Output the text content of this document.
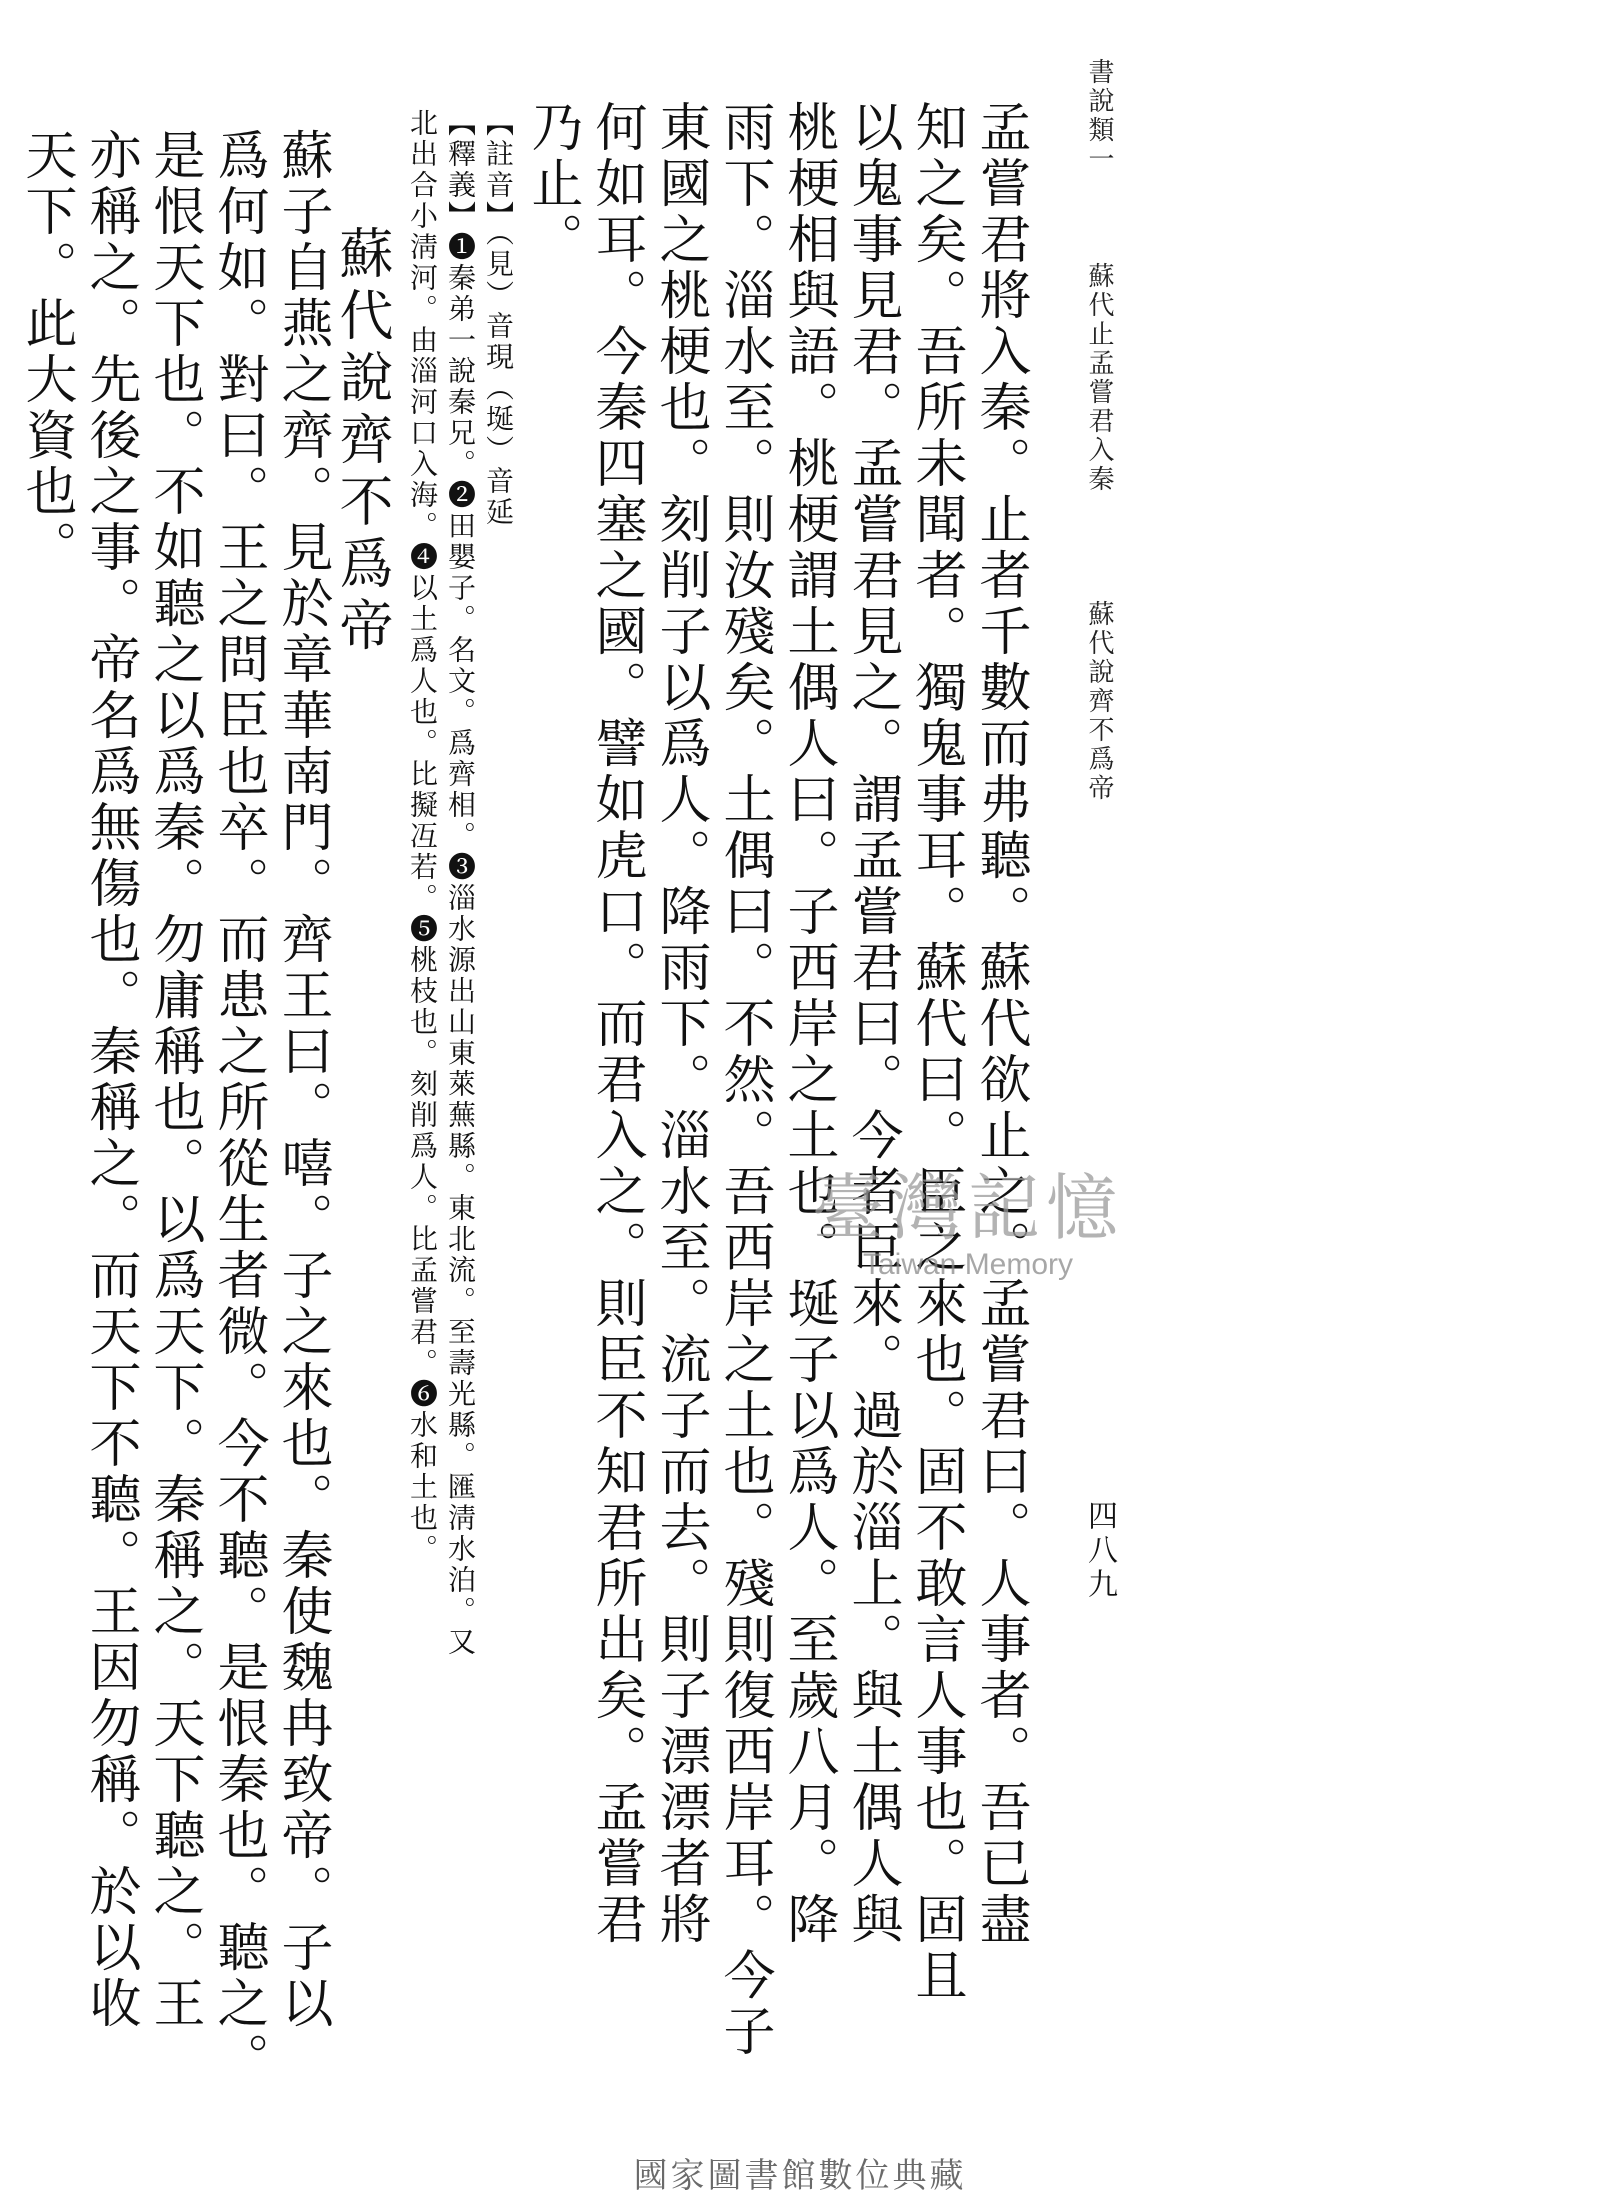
孟嘗君將入秦。止者千數而弗聽。蘇代欲止之。孟嘗君曰。人事者。吾已盡
知之矣。吾所未聞者。獨鬼事耳。蘇代曰。臣之來也。固不敢言人事也。固且
以鬼事見君。孟嘗君見之。謂孟嘗君曰。今者臣來。過於淄上。與土偶人與
桃梗相與語。桃梗謂土偶人曰。子西岸之土也。埏子以爲人。至歲八月。降
雨下。淄水至。則汝殘矣。土偶曰。不然。吾西岸之土也。殘則復西岸耳。今子
東國之桃梗也。刻削子以爲人。降雨下。淄水至。流子而去。則子漂漂者將
何如耳。今秦四塞之國。譬如虎口。而君入之。則臣不知君所出矣。孟嘗君
乃止。
【註音】（見）音現（埏）音延
【釋義】❶秦弟一說秦兄。❷田嬰子。名文。爲齊相。❸淄水源出山東萊蕪縣。東北流。至壽光縣。匯淸水泊。又
北出合小淸河。由淄河口入海。❹以土爲人也。比擬冱若。❺桃枝也。刻削爲人。比孟嘗君。❻水和土也。
蘇代說齊不爲帝
蘇子自燕之齊。見於章華南門。齊王曰。嘻。子之來也。秦使魏冉致帝。子以
爲何如。對曰。王之問臣也卒。而患之所從生者微。今不聽。是恨秦也。聽之。
是恨天下也。不如聽之以爲秦。勿庸稱也。以爲天下。秦稱之。天下聽之。王
亦稱之。先後之事。帝名爲無傷也。秦稱之。而天下不聽。王因勿稱。於以收
天下。此大資也。
書說類一
蘇代止孟嘗君入秦
蘇代說齊不爲帝
四八九
臺灣記憶
Taiwan Memory
國家圖書館數位典藏
